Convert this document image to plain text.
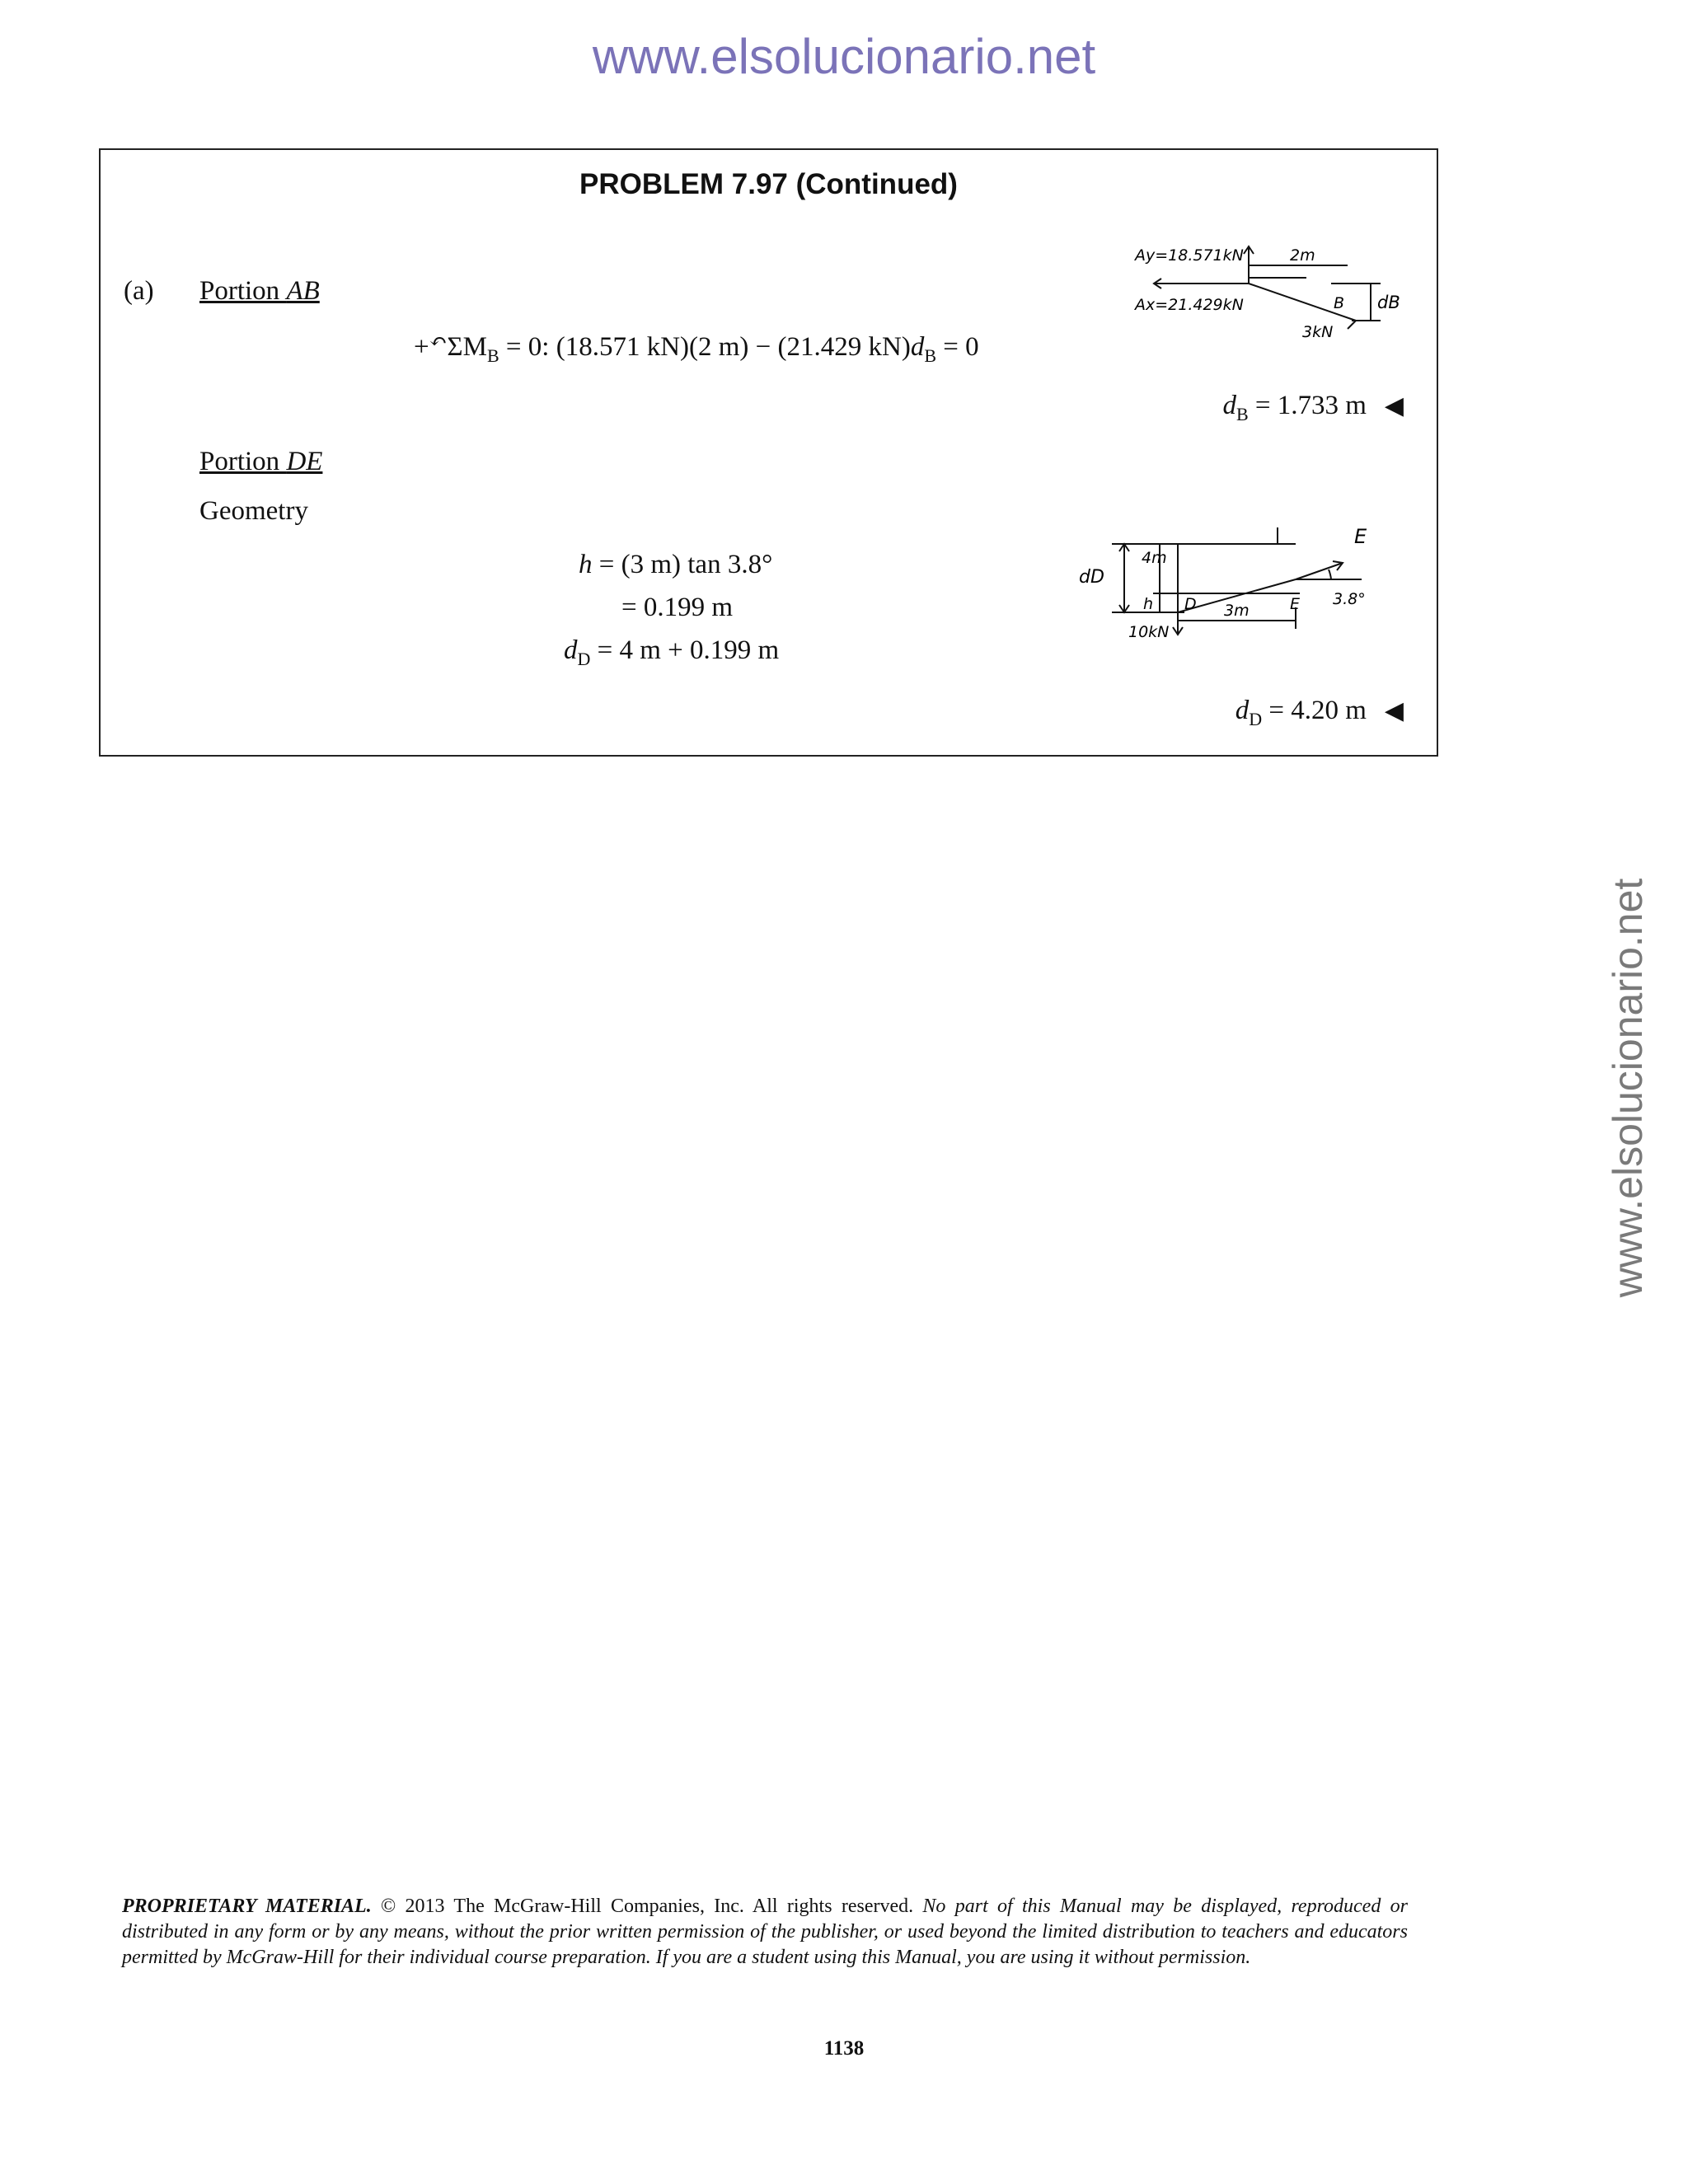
www.elsolucionario.net
www.elsolucionario.net
PROBLEM 7.97 (Continued)
(a) Portion AB
$+^↶\Sigma M_B = 0$: (18.571 kN)(2 m) − (21.429 $kN)d_B = 0$
$d_B = 1.733$ m ◀
Ay=18.571kN
Ax=21.429kN
2m
B dB
3kN
Portion DE
Geometry
h = (3 m) tan 3.8°
= 0.199 m
$d_D = 4$ m + 0.199 m
$d_D = 4.20$ m ◀
dD
4m
h D	E
3m
3.8°
E
10kN
PROPRIETARY MATERIAL. © 2013 The McGraw-Hill Companies, Inc. All rights reserved. No part of this Manual may be displayed, reproduced or distributed in any form or by any means, without the prior written permission of the publisher, or used beyond the limited distribution to teachers and educators permitted by McGraw-Hill for their individual course preparation. If you are a student using this Manual, you are using it without permission.
1138
